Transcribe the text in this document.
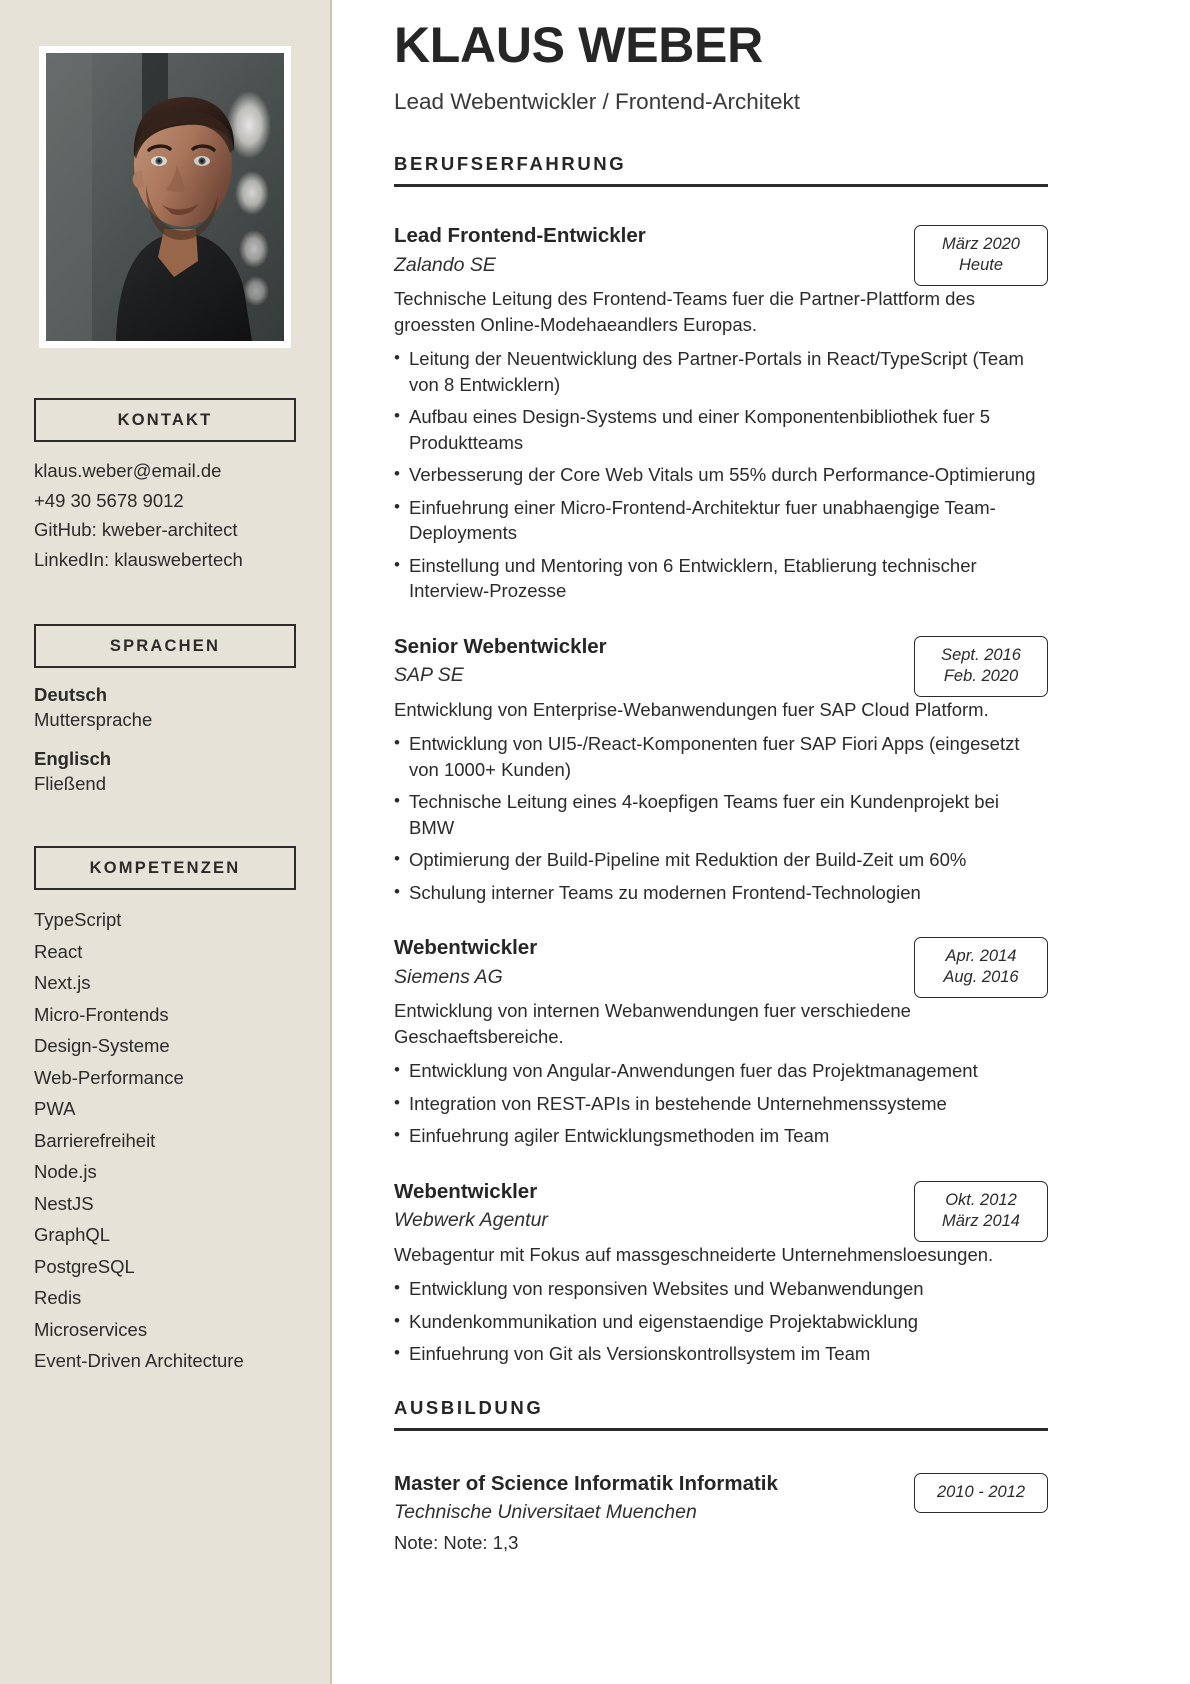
KONTAKT
klaus.weber@email.de
+49 30 5678 9012
GitHub: kweber-architect
LinkedIn: klauswebertech
SPRACHEN
Deutsch
Muttersprache
Englisch
Fließend
KOMPETENZEN
TypeScript
React
Next.js
Micro-Frontends
Design-Systeme
Web-Performance
PWA
Barrierefreiheit
Node.js
NestJS
GraphQL
PostgreSQL
Redis
Microservices
Event-Driven Architecture
KLAUS WEBER
Lead Webentwickler / Frontend-Architekt
BERUFSERFAHRUNG
Lead Frontend-Entwickler
Zalando SE
März 2020
Heute
Technische Leitung des Frontend-Teams fuer die Partner-Plattform des groessten Online-Modehaeandlers Europas.
• Leitung der Neuentwicklung des Partner-Portals in React/TypeScript (Team von 8 Entwicklern)
• Aufbau eines Design-Systems und einer Komponentenbibliothek fuer 5 Produktteams
• Verbesserung der Core Web Vitals um 55% durch Performance-Optimierung
• Einfuehrung einer Micro-Frontend-Architektur fuer unabhaengige Team-Deployments
• Einstellung und Mentoring von 6 Entwicklern, Etablierung technischer Interview-Prozesse
Senior Webentwickler
SAP SE
Sept. 2016
Feb. 2020
Entwicklung von Enterprise-Webanwendungen fuer SAP Cloud Platform.
• Entwicklung von UI5-/React-Komponenten fuer SAP Fiori Apps (eingesetzt von 1000+ Kunden)
• Technische Leitung eines 4-koepfigen Teams fuer ein Kundenprojekt bei BMW
• Optimierung der Build-Pipeline mit Reduktion der Build-Zeit um 60%
• Schulung interner Teams zu modernen Frontend-Technologien
Webentwickler
Siemens AG
Apr. 2014
Aug. 2016
Entwicklung von internen Webanwendungen fuer verschiedene Geschaeftsbereiche.
• Entwicklung von Angular-Anwendungen fuer das Projektmanagement
• Integration von REST-APIs in bestehende Unternehmenssysteme
• Einfuehrung agiler Entwicklungsmethoden im Team
Webentwickler
Webwerk Agentur
Okt. 2012
März 2014
Webagentur mit Fokus auf massgeschneiderte Unternehmensloesungen.
• Entwicklung von responsiven Websites und Webanwendungen
• Kundenkommunikation und eigenstaendige Projektabwicklung
• Einfuehrung von Git als Versionskontrollsystem im Team
AUSBILDUNG
Master of Science Informatik Informatik
Technische Universitaet Muenchen
Note: Note: 1,3
2010 - 2012
